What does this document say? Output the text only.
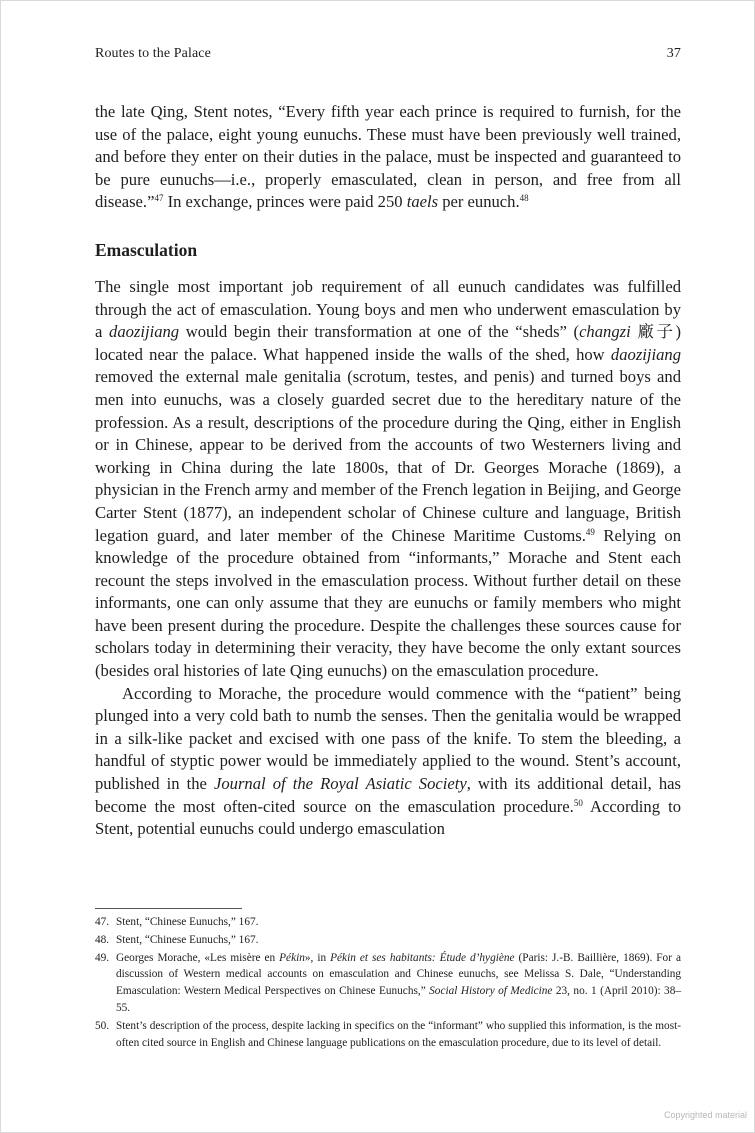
Routes to the Palace	37

the late Qing, Stent notes, “Every fifth year each prince is required to furnish, for the use of the palace, eight young eunuchs. These must have been previously well trained, and before they enter on their duties in the palace, must be inspected and guaranteed to be pure eunuchs—i.e., properly emasculated, clean in person, and free from all disease.”$^{47}$ In exchange, princes were paid 250 taels per eunuch.$^{48}$

Emasculation

The single most important job requirement of all eunuch candidates was fulfilled through the act of emasculation. Young boys and men who underwent emasculation by a daozijiang would begin their transformation at one of the “sheds” (changzi 廠子) located near the palace. What happened inside the walls of the shed, how daozijiang removed the external male genitalia (scrotum, testes, and penis) and turned boys and men into eunuchs, was a closely guarded secret due to the hereditary nature of the profession. As a result, descriptions of the procedure during the Qing, either in English or in Chinese, appear to be derived from the accounts of two Westerners living and working in China during the late 1800s, that of Dr. Georges Morache (1869), a physician in the French army and member of the French legation in Beijing, and George Carter Stent (1877), an independent scholar of Chinese culture and language, British legation guard, and later member of the Chinese Maritime Customs.$^{49}$ Relying on knowledge of the procedure obtained from “informants,” Morache and Stent each recount the steps involved in the emasculation process. Without further detail on these informants, one can only assume that they are eunuchs or family members who might have been present during the procedure. Despite the challenges these sources cause for scholars today in determining their veracity, they have become the only extant sources (besides oral histories of late Qing eunuchs) on the emasculation procedure.

According to Morache, the procedure would commence with the “patient” being plunged into a very cold bath to numb the senses. Then the genitalia would be wrapped in a silk-like packet and excised with one pass of the knife. To stem the bleeding, a handful of styptic power would be immediately applied to the wound. Stent’s account, published in the Journal of the Royal Asiatic Society, with its additional detail, has become the most often-cited source on the emasculation procedure.$^{50}$ According to Stent, potential eunuchs could undergo emasculation

47. Stent, “Chinese Eunuchs,” 167.
48. Stent, “Chinese Eunuchs,” 167.
49. Georges Morache, «Les misère en Pékin», in Pékin et ses habitants: Étude d’hygiène (Paris: J.-B. Baillière, 1869). For a discussion of Western medical accounts on emasculation and Chinese eunuchs, see Melissa S. Dale, “Understanding Emasculation: Western Medical Perspectives on Chinese Eunuchs,” Social History of Medicine 23, no. 1 (April 2010): 38–55.
50. Stent’s description of the process, despite lacking in specifics on the “informant” who supplied this information, is the most-often cited source in English and Chinese language publications on the emasculation procedure, due to its level of detail.
Copyrighted material
